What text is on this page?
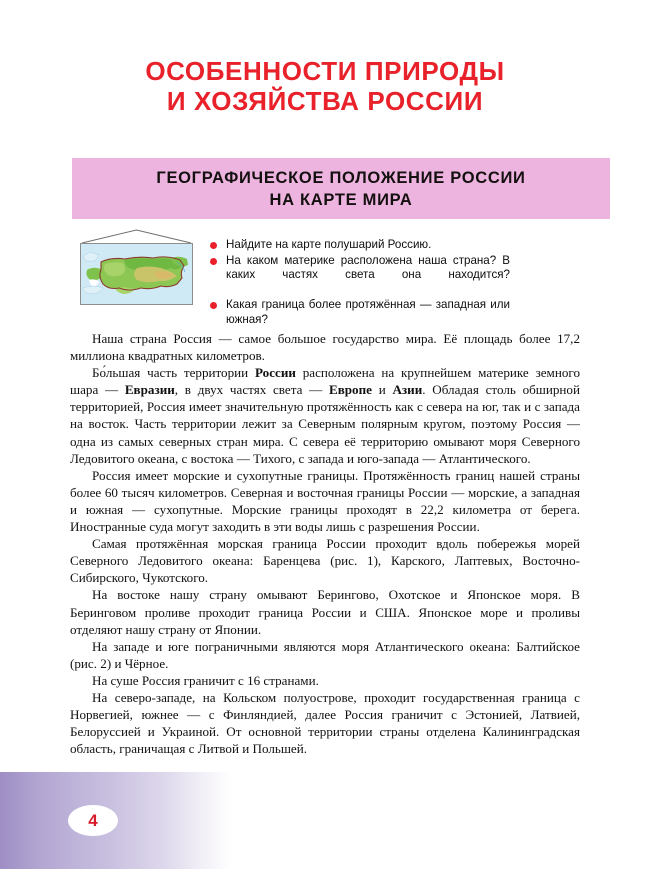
ОСОБЕННОСТИ ПРИРОДЫ
И ХОЗЯЙСТВА РОССИИ
ГЕОГРАФИЧЕСКОЕ ПОЛОЖЕНИЕ РОССИИ
НА КАРТЕ МИРА
Найдите на карте полушарий Россию.
На каком материке расположена наша страна? В каких частях света она находится?
Какая граница более протяжённая — западная или южная?

Наша страна Россия — самое большое государство мира. Её площадь более 17,2 миллиона квадратных километров.

Бо́льшая часть территории России расположена на крупнейшем материке земного шара — Евразии, в двух частях света — Европе и Азии. Обладая столь обширной территорией, Россия имеет значительную протяжённость как с севера на юг, так и с запада на восток. Часть территории лежит за Северным полярным кругом, поэтому Россия — одна из самых северных стран мира. С севера её территорию омывают моря Северного Ледовитого океана, с востока — Тихого, с запада и юго-запада — Атлантического.

Россия имеет морские и сухопутные границы. Протяжённость границ нашей страны более 60 тысяч километров. Северная и восточная границы России — морские, а западная и южная — сухопутные. Морские границы проходят в 22,2 километра от берега. Иностранные суда могут заходить в эти воды лишь с разрешения России.

Самая протяжённая морская граница России проходит вдоль побережья морей Северного Ледовитого океана: Баренцева (рис. 1), Карского, Лаптевых, Восточно-Сибирского, Чукотского.

На востоке нашу страну омывают Берингово, Охотское и Японское моря. В Беринговом проливе проходит граница России и США. Японское море и проливы отделяют нашу страну от Японии.

На западе и юге пограничными являются моря Атлантического океана: Балтийское (рис. 2) и Чёрное.

На суше Россия граничит с 16 странами.

На северо-западе, на Кольском полуострове, проходит государственная граница с Норвегией, южнее — с Финляндией, далее Россия граничит с Эстонией, Латвией, Белоруссией и Украиной. От основной территории страны отделена Калининградская область, граничащая с Литвой и Польшей.

4
